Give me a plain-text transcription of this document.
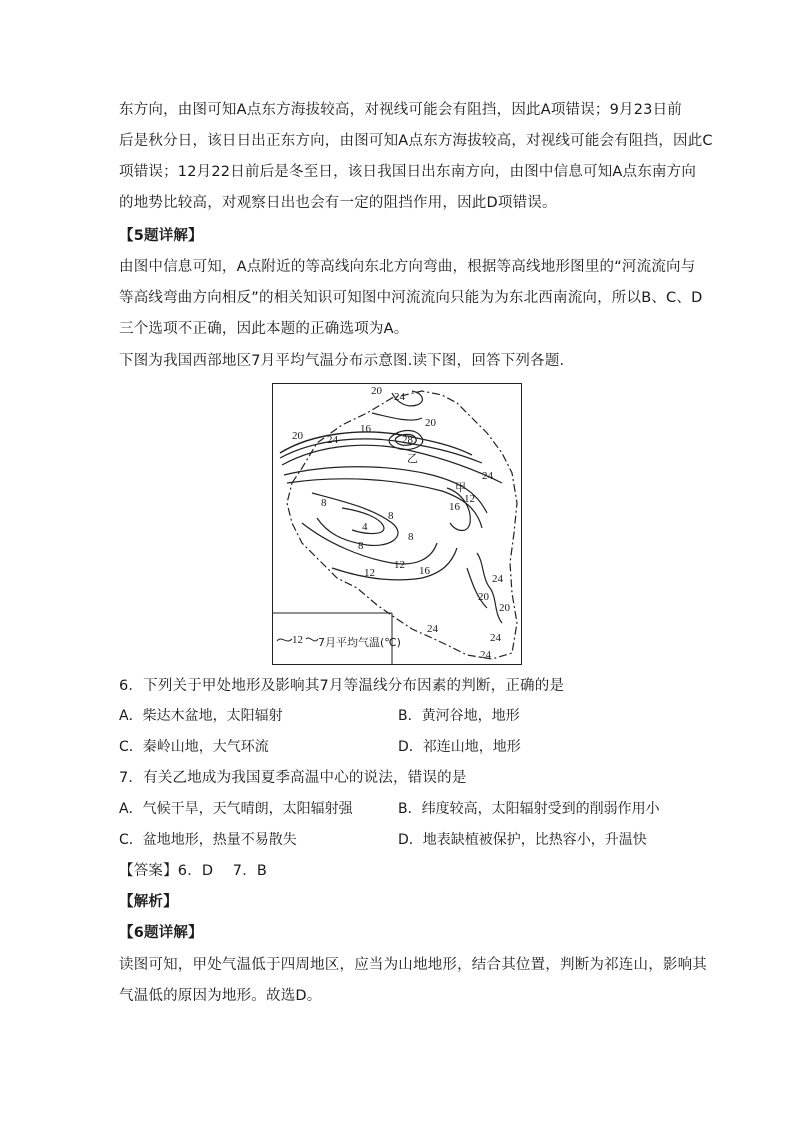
东方向，由图可知A点东方海拔较高，对视线可能会有阻挡，因此A项错误；9月23日前
后是秋分日，该日日出正东方向，由图可知A点东方海拔较高，对视线可能会有阻挡，因此C
项错误；12月22日前后是冬至日，该日我国日出东南方向，由图中信息可知A点东南方向
的地势比较高，对观察日出也会有一定的阻挡作用，因此D项错误。
【5题详解】
由图中信息可知，A点附近的等高线向东北方向弯曲，根据等高线地形图里的“河流流向与
等高线弯曲方向相反”的相关知识可知图中河流流向只能为为东北西南流向，所以B、C、D
三个选项不正确，因此本题的正确选项为A。
下图为我国西部地区7月平均气温分布示意图.读下图，回答下列各题.
20 24
16
28
20
20 24
乙
24
甲
12
8	16
8
4
8
8
12 16
12	24
20
20
24
24
24
12 7月平均气温(℃)
6．下列关于甲处地形及影响其7月等温线分布因素的判断，正确的是
A．柴达木盆地，太阳辐射	B．黄河谷地，地形
C．秦岭山地，大气环流	D．祁连山地，地形
7．有关乙地成为我国夏季高温中心的说法，错误的是
A．气候干旱，天气晴朗，太阳辐射强	B．纬度较高，太阳辐射受到的削弱作用小
C．盆地地形，热量不易散失	D．地表缺植被保护，比热容小，升温快
【答案】6．D　 7．B
【解析】
【6题详解】
读图可知，甲处气温低于四周地区，应当为山地地形，结合其位置，判断为祁连山，影响其
气温低的原因为地形。故选D。
